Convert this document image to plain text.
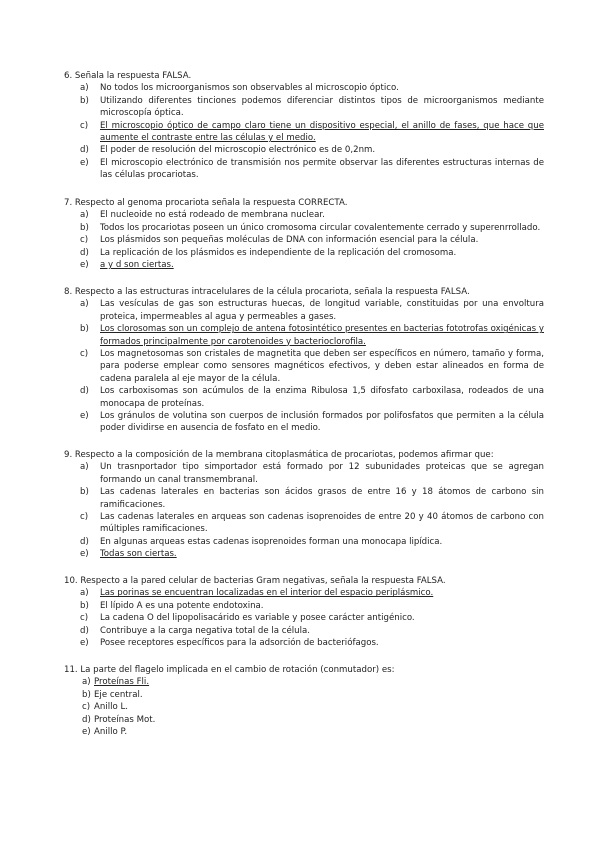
6. Señala la respuesta FALSA.

a) No todos los microorganismos son observables al microscopio óptico.
b) Utilizando diferentes tinciones podemos diferenciar distintos tipos de microorganismos mediante microscopía óptica.
c) El microscopio óptico de campo claro tiene un dispositivo especial, el anillo de fases, que hace que aumente el contraste entre las células y el medio.
d) El poder de resolución del microscopio electrónico es de 0,2nm.
e) El microscopio electrónico de transmisión nos permite observar las diferentes estructuras internas de las células procariotas.

7. Respecto al genoma procariota señala la respuesta CORRECTA.

a) El nucleoide no está rodeado de membrana nuclear.
b) Todos los procariotas poseen un único cromosoma circular covalentemente cerrado y superenrrollado.
c) Los plásmidos son pequeñas moléculas de DNA con información esencial para la célula.
d) La replicación de los plásmidos es independiente de la replicación del cromosoma.
e) a y d son ciertas.

8. Respecto a las estructuras intracelulares de la célula procariota, señala la respuesta FALSA.

a) Las vesículas de gas son estructuras huecas, de longitud variable, constituidas por una envoltura proteica, impermeables al agua y permeables a gases.
b) Los clorosomas son un complejo de antena fotosintético presentes en bacterias fototrofas oxigénicas y formados principalmente por carotenoides y bacterioclorofila.
c) Los magnetosomas son cristales de magnetita que deben ser específicos en número, tamaño y forma, para poderse emplear como sensores magnéticos efectivos, y deben estar alineados en forma de cadena paralela al eje mayor de la célula.
d) Los carboxisomas son acúmulos de la enzima Ribulosa 1,5 difosfato carboxilasa, rodeados de una monocapa de proteínas.
e) Los gránulos de volutina son cuerpos de inclusión formados por polifosfatos que permiten a la célula poder dividirse en ausencia de fosfato en el medio.

9. Respecto a la composición de la membrana citoplasmática de procariotas, podemos afirmar que:

a) Un trasnportador tipo simportador está formado por 12 subunidades proteicas que se agregan formando un canal transmembranal.
b) Las cadenas laterales en bacterias son ácidos grasos de entre 16 y 18 átomos de carbono sin ramificaciones.
c) Las cadenas laterales en arqueas son cadenas isoprenoides de entre 20 y 40 átomos de carbono con múltiples ramificaciones.
d) En algunas arqueas estas cadenas isoprenoides forman una monocapa lipídica.
e) Todas son ciertas.

10. Respecto a la pared celular de bacterias Gram negativas, señala la respuesta FALSA.

a) Las porinas se encuentran localizadas en el interior del espacio periplásmico.
b) El lípido A es una potente endotoxina.
c) La cadena O del lipopolisacárido es variable y posee carácter antigénico.
d) Contribuye a la carga negativa total de la célula.
e) Posee receptores específicos para la adsorción de bacteriófagos.

11. La parte del flagelo implicada en el cambio de rotación (conmutador) es:

a) Proteínas Fli.
b) Eje central.
c) Anillo L.
d) Proteínas Mot.
e) Anillo P.
